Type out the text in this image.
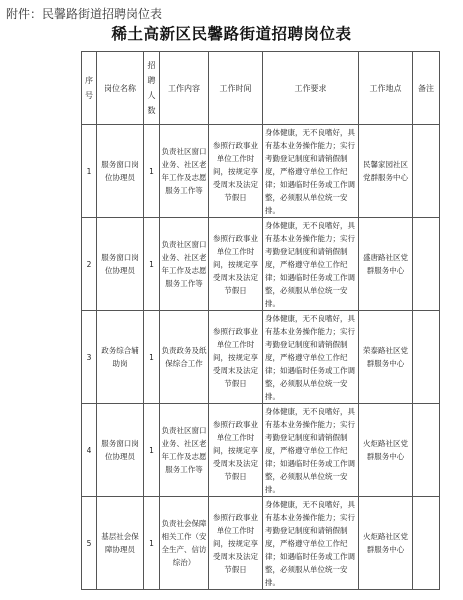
附件：民馨路街道招聘岗位表
稀土高新区民馨路街道招聘岗位表
序号	岗位名称	招聘人数	工作内容	工作时间	工作要求	工作地点	备注
1	服务窗口岗位协理员	1	负责社区窗口业务、社区老年工作及志愿服务工作等	参照行政事业单位工作时间，按规定享受周末及法定节假日	身体健康，无不良嗜好，具有基本业务操作能力；实行考勤登记制度和请销假制度，严格遵守单位工作纪律；如遇临时任务或工作调整，必须服从单位统一安排。	民馨家园社区党群服务中心	
2	服务窗口岗位协理员	1	负责社区窗口业务、社区老年工作及志愿服务工作等	参照行政事业单位工作时间，按规定享受周末及法定节假日	身体健康，无不良嗜好，具有基本业务操作能力；实行考勤登记制度和请销假制度，严格遵守单位工作纪律；如遇临时任务或工作调整，必须服从单位统一安排。	盛唐路社区党群服务中心	
3	政务综合辅助岗	1	负责政务及纸保综合工作	参照行政事业单位工作时间，按规定享受周末及法定节假日	身体健康，无不良嗜好，具有基本业务操作能力；实行考勤登记制度和请销假制度，严格遵守单位工作纪律；如遇临时任务或工作调整，必须服从单位统一安排。	荣泰路社区党群服务中心	
4	服务窗口岗位协理员	1	负责社区窗口业务、社区老年工作及志愿服务工作等	参照行政事业单位工作时间，按规定享受周末及法定节假日	身体健康，无不良嗜好，具有基本业务操作能力；实行考勤登记制度和请销假制度，严格遵守单位工作纪律；如遇临时任务或工作调整，必须服从单位统一安排。	火炬路社区党群服务中心	
5	基层社会保障协理员	1	负责社会保障相关工作（安全生产、信访综治）	参照行政事业单位工作时间，按规定享受周末及法定节假日	身体健康，无不良嗜好，具有基本业务操作能力；实行考勤登记制度和请销假制度，严格遵守单位工作纪律；如遇临时任务或工作调整，必须服从单位统一安排。	火炬路社区党群服务中心	
